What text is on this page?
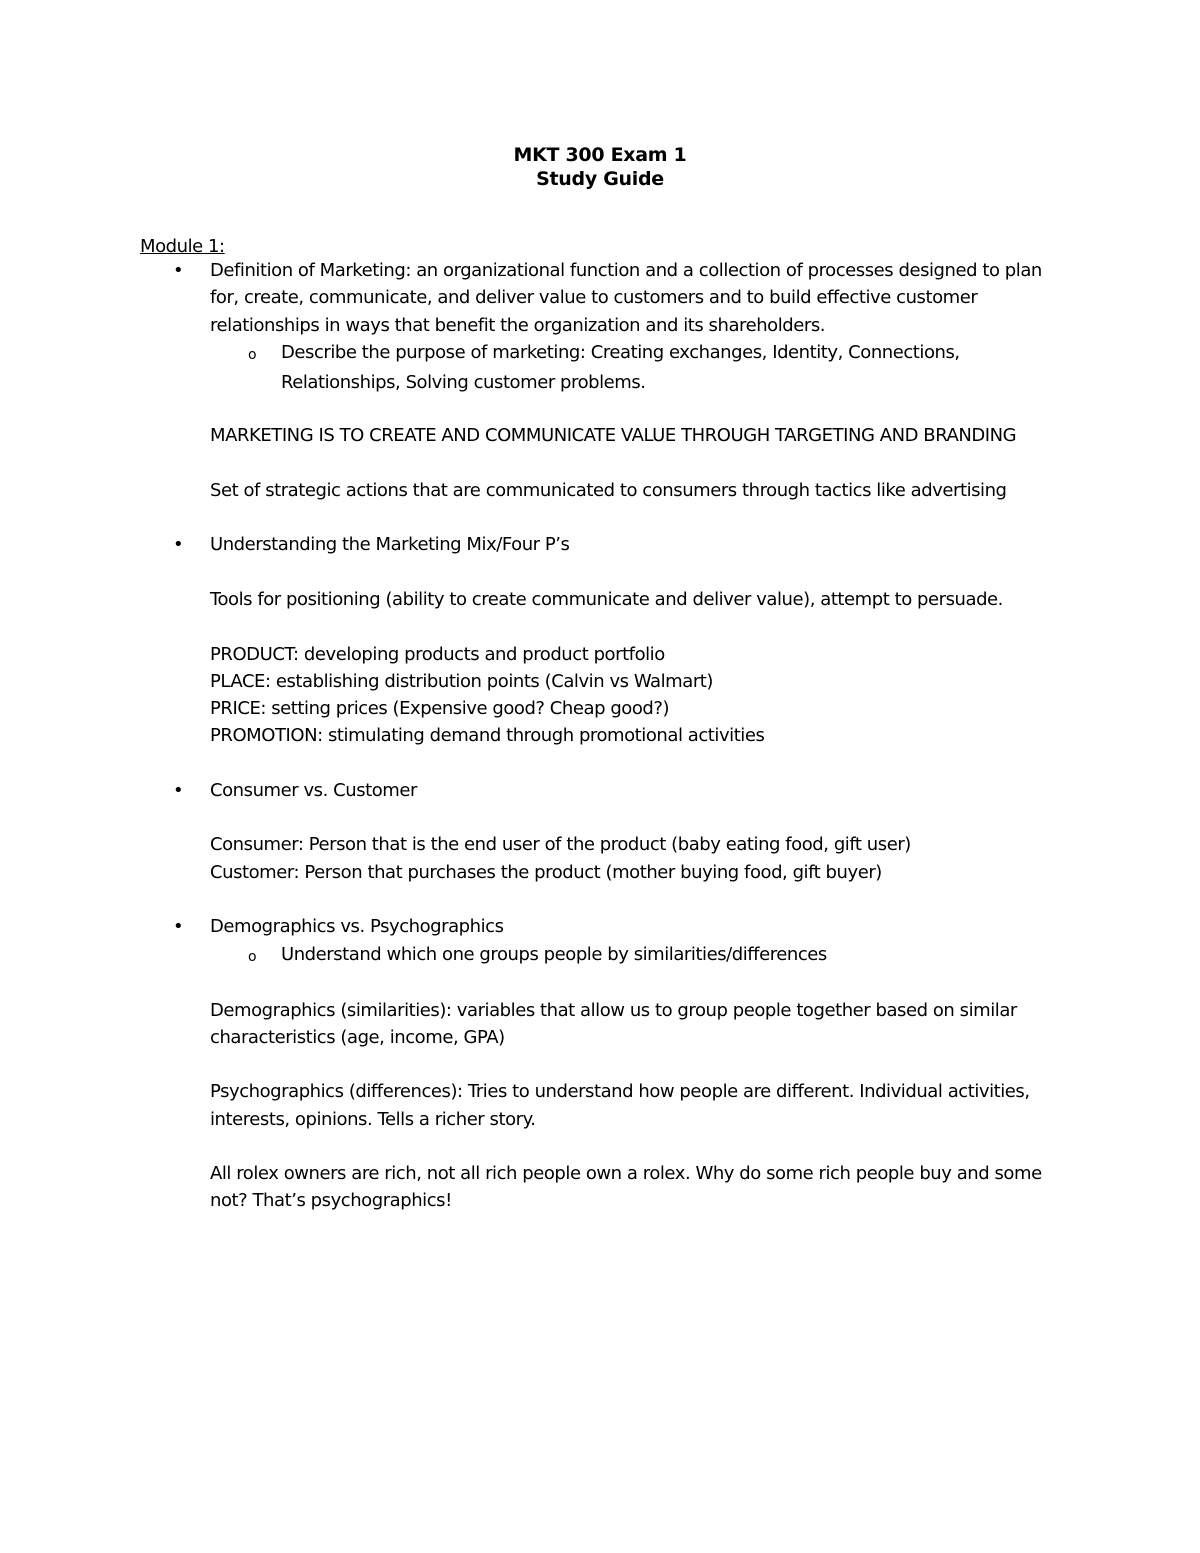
MKT 300 Exam 1
Study Guide
Module 1:
• Definition of Marketing: an organizational function and a collection of processes designed to plan
for, create, communicate, and deliver value to customers and to build effective customer
relationships in ways that benefit the organization and its shareholders.
o Describe the purpose of marketing: Creating exchanges, Identity, Connections,
Relationships, Solving customer problems.
MARKETING IS TO CREATE AND COMMUNICATE VALUE THROUGH TARGETING AND BRANDING
Set of strategic actions that are communicated to consumers through tactics like advertising
• Understanding the Marketing Mix/Four P’s
Tools for positioning (ability to create communicate and deliver value), attempt to persuade.
PRODUCT: developing products and product portfolio
PLACE: establishing distribution points (Calvin vs Walmart)
PRICE: setting prices (Expensive good? Cheap good?)
PROMOTION: stimulating demand through promotional activities
• Consumer vs. Customer
Consumer: Person that is the end user of the product (baby eating food, gift user)
Customer: Person that purchases the product (mother buying food, gift buyer)
• Demographics vs. Psychographics
o Understand which one groups people by similarities/differences
Demographics (similarities): variables that allow us to group people together based on similar
characteristics (age, income, GPA)
Psychographics (differences): Tries to understand how people are different. Individual activities,
interests, opinions. Tells a richer story.
All rolex owners are rich, not all rich people own a rolex. Why do some rich people buy and some
not? That’s psychographics!
